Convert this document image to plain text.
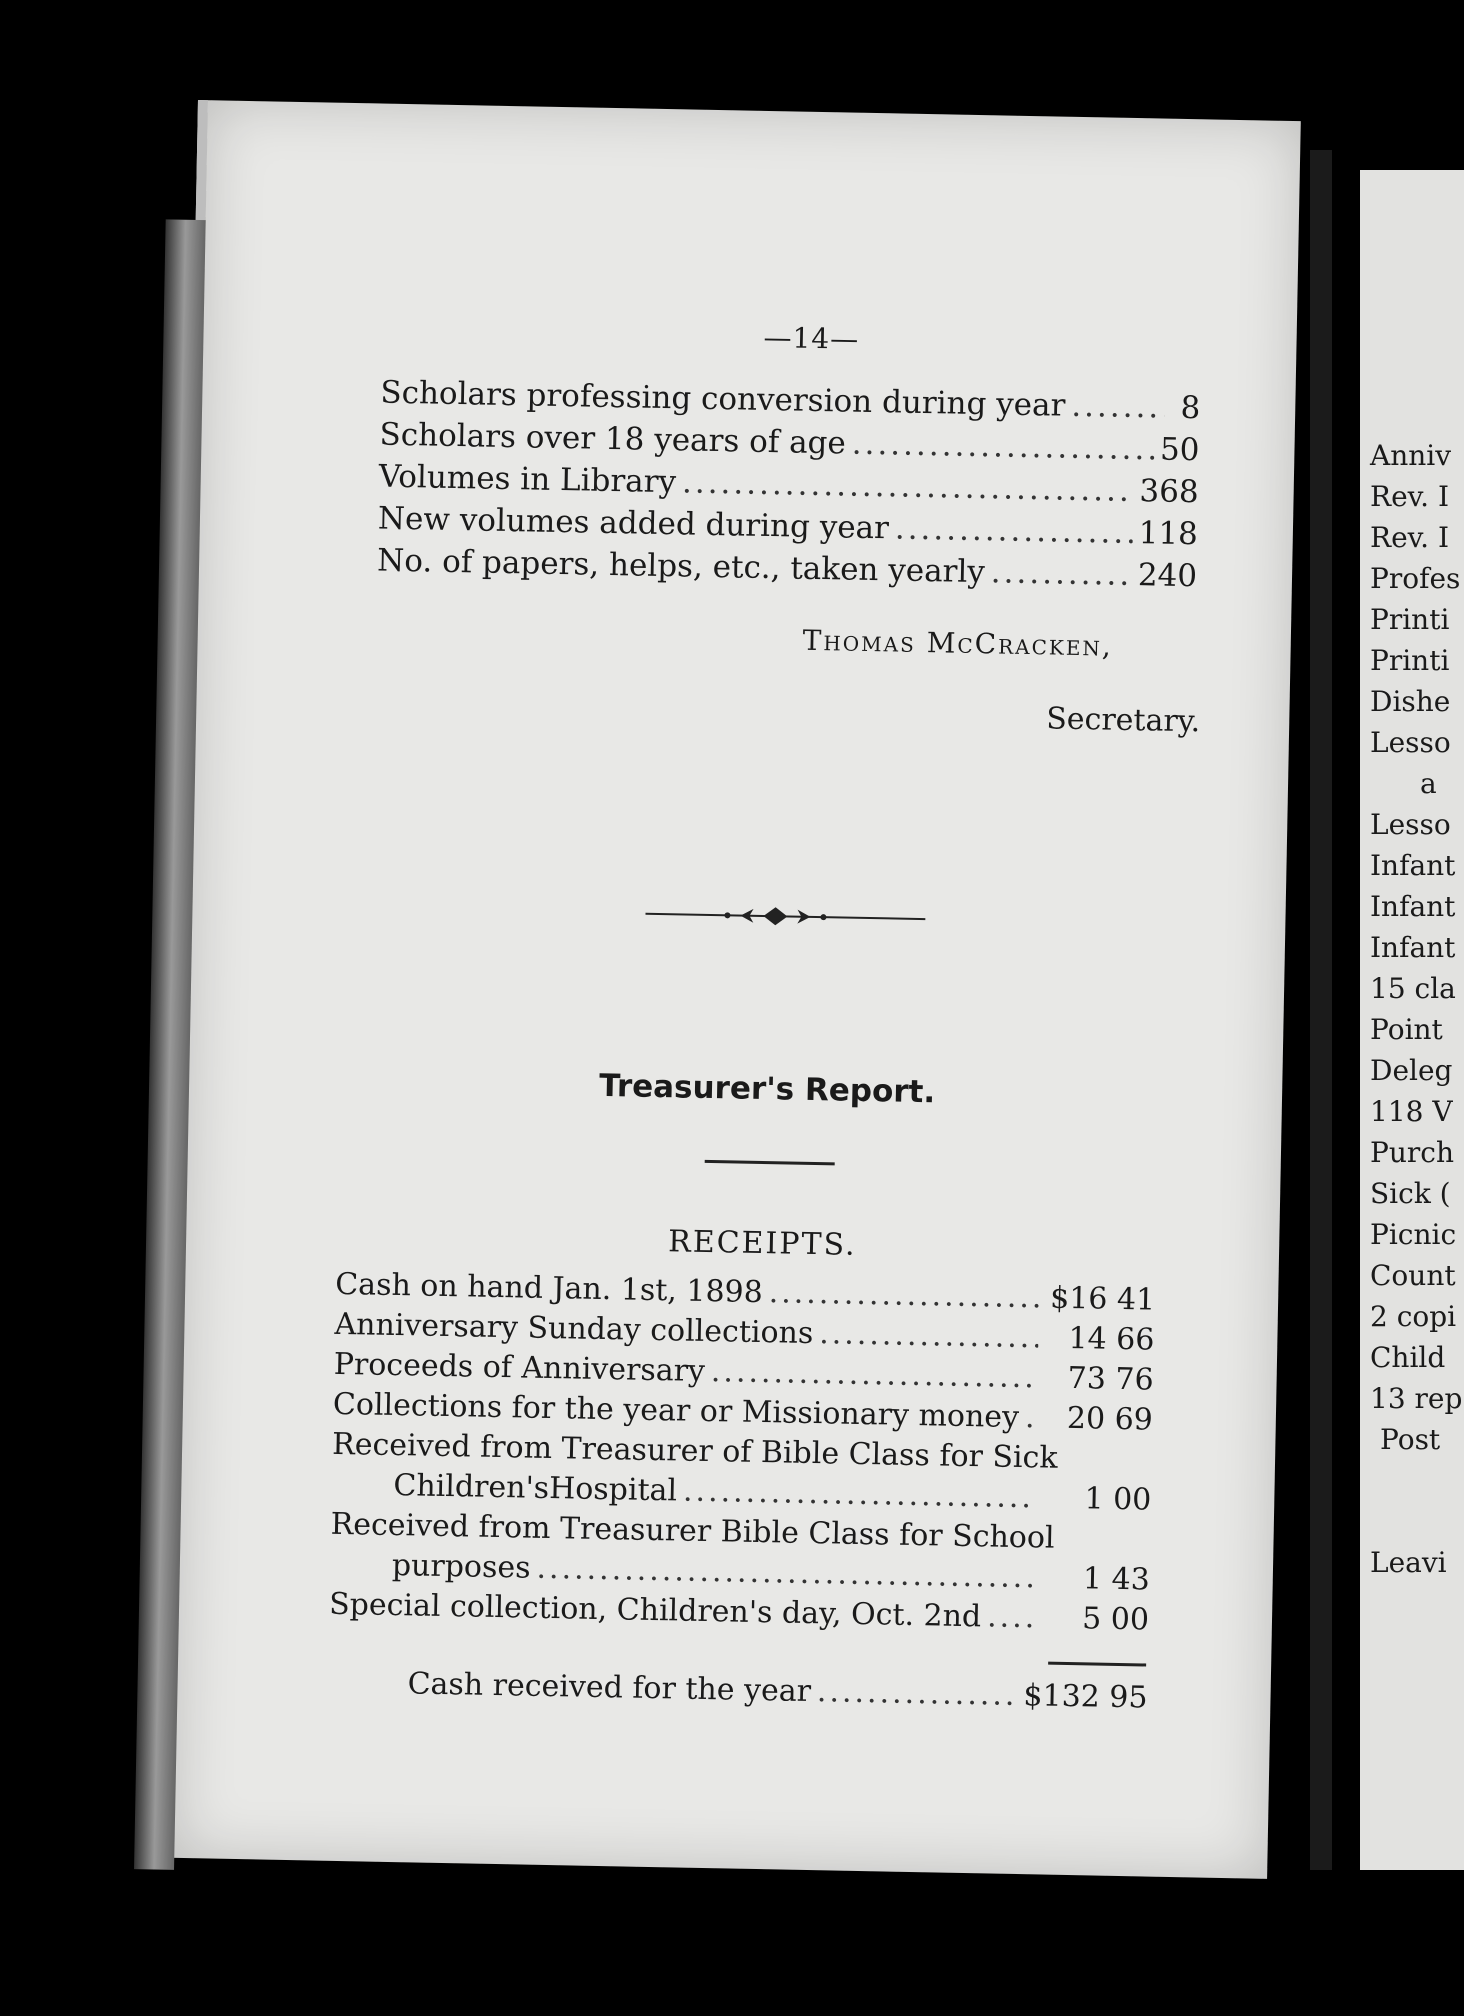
Anniv
Rev. I
Rev. I
Profes
Printi
Printi
Dishe
Lesso
a
Lesso
Infant
Infant
Infant
15 cla
Point
Deleg
118 V
Purch
Sick (
Picnic
Count
2 copi
Child
13 rep
Post
Leavi
—14—
Scholars professing conversion during year .....	8
Scholars over 18 years of age .....	50
Volumes in Library .....	368
New volumes added during year .....	118
No. of papers, helps, etc., taken yearly .....	240
Thomas McCracken,
Secretary.
Treasurer's Report.
RECEIPTS.
Cash on hand Jan. 1st, 1898 .....	$16 41
Anniversary Sunday collections .....	14 66
Proceeds of Anniversary .....	73 76
Collections for the year or Missionary money .....	20 69
Received from Treasurer of Bible Class for Sick
Children'sHospital .....	1 00
Received from Treasurer Bible Class for School
purposes .....	1 43
Special collection, Children's day, Oct. 2nd .....	5 00
Cash received for the year .....	$132 95
